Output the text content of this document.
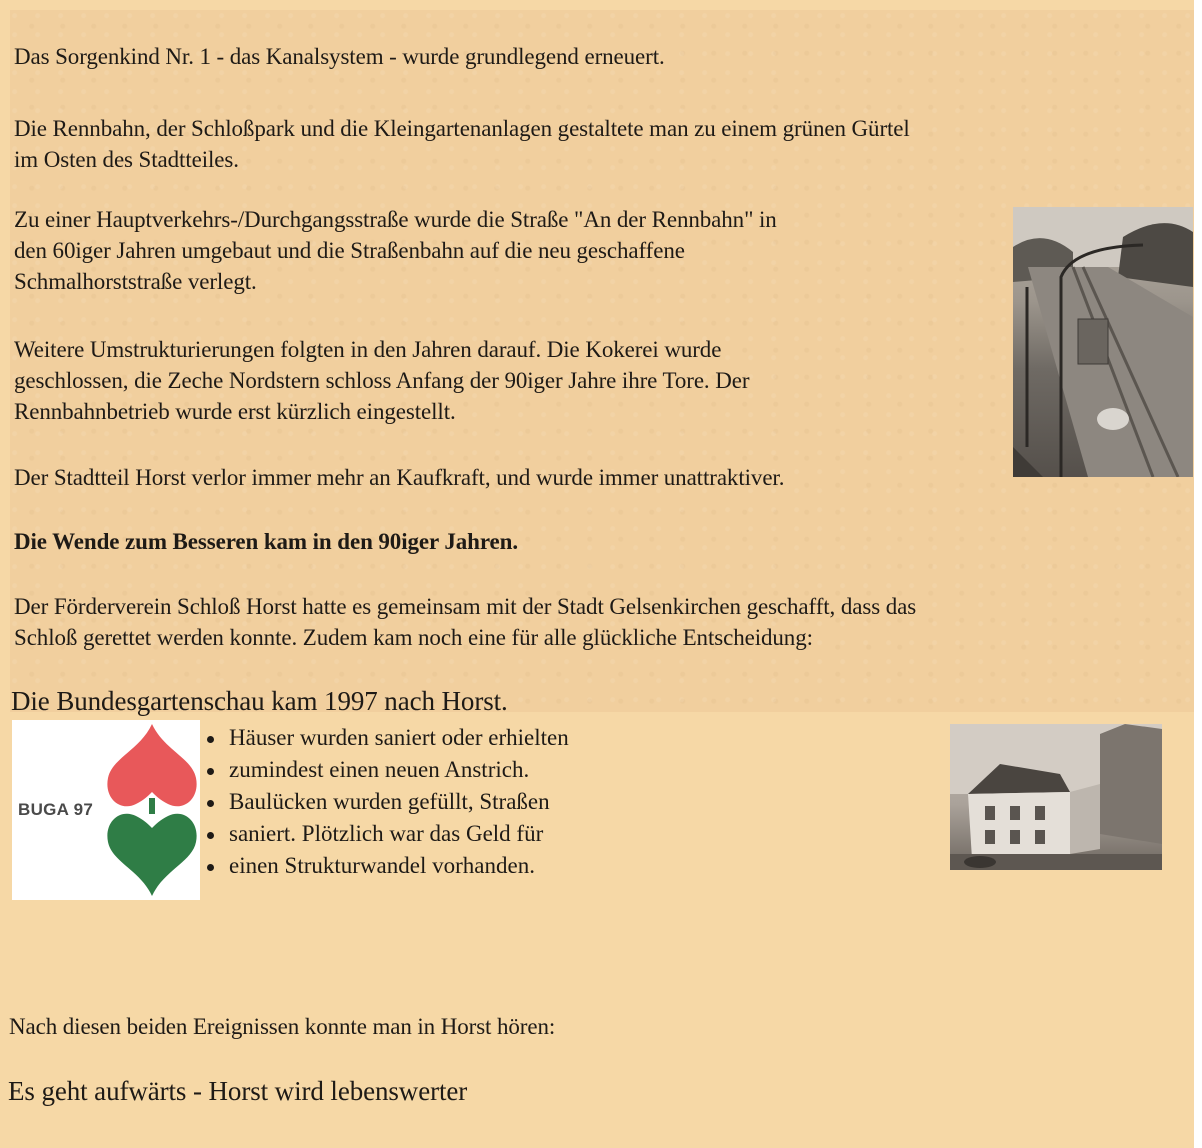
Das Sorgenkind Nr. 1 - das Kanalsystem - wurde grundlegend erneuert.

Die Rennbahn, der Schloßpark und die Kleingartenanlagen gestaltete man zu einem grünen Gürtel
im Osten des Stadtteiles.

Zu einer Hauptverkehrs-/Durchgangsstraße wurde die Straße "An der Rennbahn" in
den 60iger Jahren umgebaut und die Straßenbahn auf die neu geschaffene
Schmalhorststraße verlegt.

Weitere Umstrukturierungen folgten in den Jahren darauf. Die Kokerei wurde
geschlossen, die Zeche Nordstern schloss Anfang der 90iger Jahre ihre Tore. Der
Rennbahnbetrieb wurde erst kürzlich eingestellt.

Der Stadtteil Horst verlor immer mehr an Kaufkraft, und wurde immer unattraktiver.

Die Wende zum Besseren kam in den 90iger Jahren.

Der Förderverein Schloß Horst hatte es gemeinsam mit der Stadt Gelsenkirchen geschafft, dass das
Schloß gerettet werden konnte. Zudem kam noch eine für alle glückliche Entscheidung:

Die Bundesgartenschau kam 1997 nach Horst.

BUGA 97
Häuser wurden saniert oder erhielten
zumindest einen neuen Anstrich.
Baulücken wurden gefüllt, Straßen
saniert. Plötzlich war das Geld für
einen Strukturwandel vorhanden.

Nach diesen beiden Ereignissen konnte man in Horst hören:

Es geht aufwärts - Horst wird lebenswerter
